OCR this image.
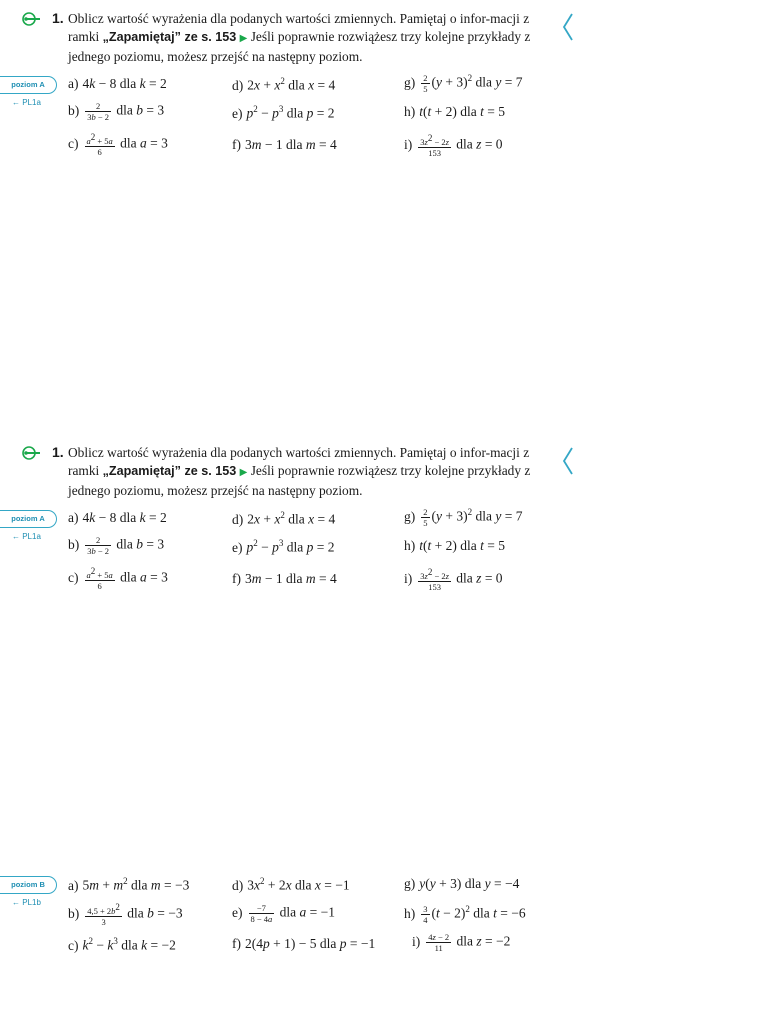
1. Oblicz wartość wyrażenia dla podanych wartości zmiennych. Pamiętaj o infor-macji z ramki „Zapamiętaj” ze s. 153 ▶ Jeśli poprawnie rozwiążesz trzy kolejne przykłady z jednego poziomu, możesz przejść na następny poziom.
poziom A
← PL1a
a) 4k − 8 dla k = 2	d) $2x + x^2$ dla x = 4	$g) \frac{2}{5} (y + 3)^2$ dla y = 7
$b) \frac{2}{3b - 2}$ dla b = 3	e) $p^2 - p^3$ dla p = 2	h) t(t + 2) dla t = 5
$c) \frac{a^2 + 5a}{6}$ dla a = 3	f) 3m − 1 dla m = 4	$i) \frac{3z^2 - 2z}{153}$ dla z = 0
1. Oblicz wartość wyrażenia dla podanych wartości zmiennych. Pamiętaj o infor-macji z ramki „Zapamiętaj” ze s. 153 ▶ Jeśli poprawnie rozwiążesz trzy kolejne przykłady z jednego poziomu, możesz przejść na następny poziom.
poziom A
← PL1a
a) 4k − 8 dla k = 2	d) $2x + x^2$ dla x = 4	$g) \frac{2}{5} (y + 3)^2$ dla y = 7
$b) \frac{2}{3b - 2}$ dla b = 3	e) $p^2 - p^3$ dla p = 2	h) t(t + 2) dla t = 5
$c) \frac{a^2 + 5a}{6}$ dla a = 3	f) 3m − 1 dla m = 4	$i) \frac{3z^2 - 2z}{153}$ dla z = 0
poziom B
← PL1b
a) $5m + m^2$ dla m = −3	d) $3x^2 + 2x$ dla x = −1	g) y(y + 3) dla y = −4
$b) \frac{4,5 + 2b^2}{3}$ dla b = −3	$e) \frac{-7}{8 - 4a}$ dla a = −1	$h) \frac{3}{4} (t - 2)^2$ dla t = −6
c) $k^2 - k^3$ dla k = −2	f) 2(4p + 1) − 5 dla p = −1	$i) \frac{4z - 2}{11}$ dla z = −2
